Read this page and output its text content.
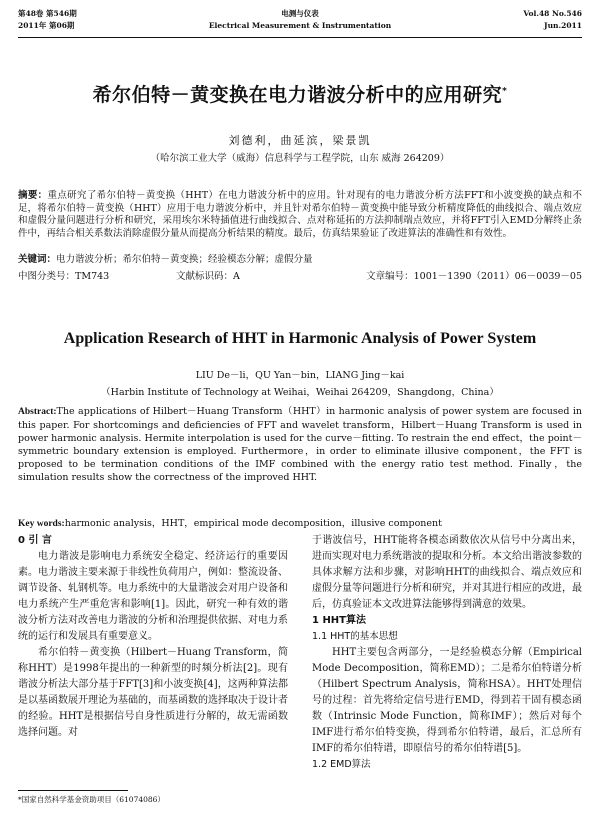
第48卷 第546期
2011年 第06期
电测与仪表
Electrical Measurement & Instrumentation
Vol.48 No.546
Jun.2011
希尔伯特－黄变换在电力谐波分析中的应用研究*
刘德利，曲延滨，梁景凯
（哈尔滨工业大学（威海）信息科学与工程学院，山东 威海 264209）
摘要：重点研究了希尔伯特－黄变换（HHT）在电力谐波分析中的应用。针对现有的电力谐波分析方法FFT和小波变换的缺点和不足，将希尔伯特－黄变换（HHT）应用于电力谐波分析中，并且针对希尔伯特－黄变换中能导致分析精度降低的曲线拟合、端点效应和虚假分量问题进行分析和研究，采用埃尔米特插值进行曲线拟合、点对称延拓的方法抑制端点效应，并将FFT引入EMD分解终止条件中，再结合相关系数法消除虚假分量从而提高分析结果的精度。最后，仿真结果验证了改进算法的准确性和有效性。
关键词：电力谐波分析；希尔伯特－黄变换；经验模态分解；虚假分量
中图分类号：TM743	文献标识码：A	文章编号：1001－1390（2011）06－0039－05
Application Research of HHT in Harmonic Analysis of Power System
LIU De－li，QU Yan－bin，LIANG Jing－kai
（Harbin Institute of Technology at Weihai，Weihai 264209，Shangdong，China）
Abstract:The applications of Hilbert－Huang Transform（HHT）in harmonic analysis of power system are focused in this paper. For shortcomings and deficiencies of FFT and wavelet transform，Hilbert－Huang Transform is used in power harmonic analysis. Hermite interpolation is used for the curve－fitting. To restrain the end effect，the point－symmetric boundary extension is employed. Furthermore，in order to eliminate illusive component，the FFT is proposed to be termination conditions of the IMF combined with the energy ratio test method. Finally，the simulation results show the correctness of the improved HHT.
Key words:harmonic analysis，HHT，empirical mode decomposition，illusive component

0 引 言

电力谐波是影响电力系统安全稳定、经济运行的重要因素。电力谐波主要来源于非线性负荷用户，例如：整流设备、调节设备、轧钢机等。电力系统中的大量谐波会对用户设备和电力系统产生严重危害和影响[1]。因此，研究一种有效的谐波分析方法对改善电力谐波的分析和治理提供依据、对电力系统的运行和发展具有重要意义。

希尔伯特－黄变换（Hilbert－Huang Transform，简称HHT）是1998年提出的一种新型的时频分析法[2]。现有谐波分析法大部分基于FFT[3]和小波变换[4]，这两种算法都是以基函数展开理论为基础的，而基函数的选择取决于设计者的经验。HHT是根据信号自身性质进行分解的，故无需函数选择问题。对

于谐波信号，HHT能将各模态函数依次从信号中分离出来，进而实现对电力系统谐波的提取和分析。本文给出谐波参数的具体求解方法和步骤，对影响HHT的曲线拟合、端点效应和虚假分量等问题进行分析和研究，并对其进行相应的改进，最后，仿真验证本文改进算法能够得到满意的效果。

1 HHT算法

1.1 HHT的基本思想

HHT主要包含两部分，一是经验模态分解（Empirical Mode Decomposition，简称EMD）；二是希尔伯特谱分析（Hilbert Spectrum Analysis，简称HSA）。HHT处理信号的过程：首先将给定信号进行EMD，得到若干固有模态函数（Intrinsic Mode Function，简称IMF）；然后对每个IMF进行希尔伯特变换，得到希尔伯特谱，最后，汇总所有IMF的希尔伯特谱，即原信号的希尔伯特谱[5]。

1.2 EMD算法

*国家自然科学基金资助项目（61074086）
